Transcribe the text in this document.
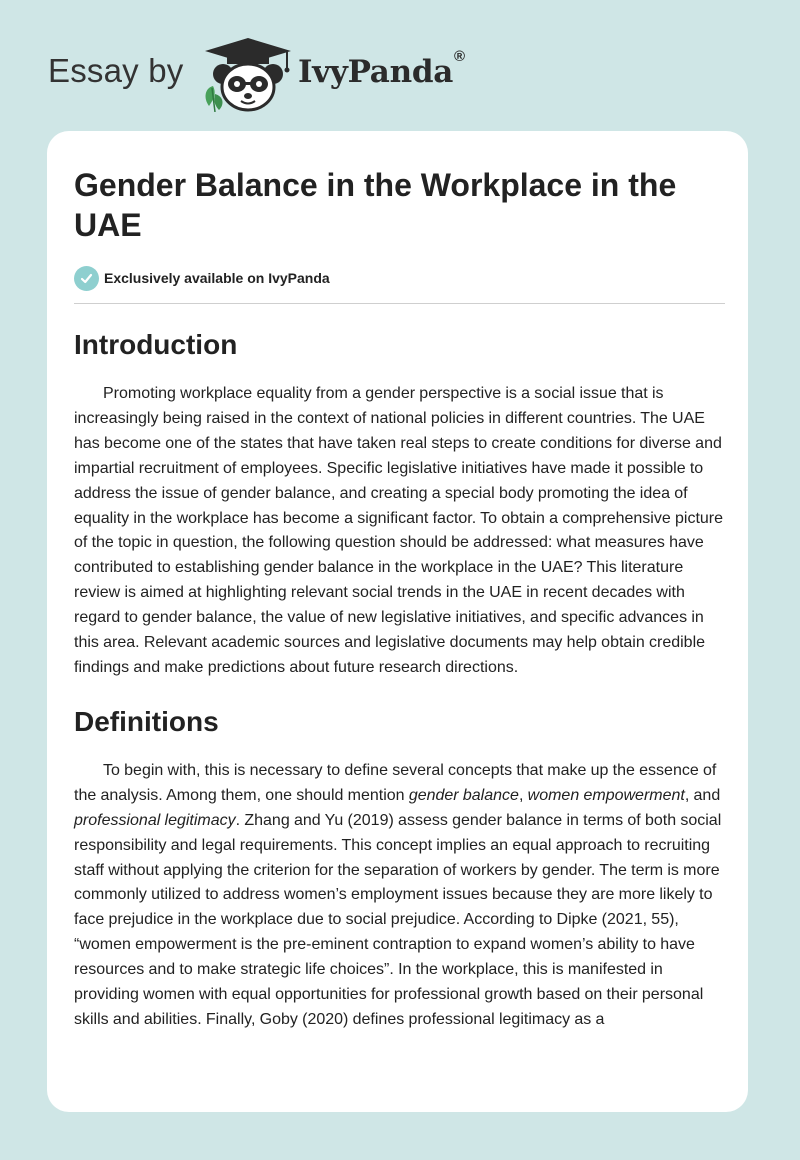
Essay by	IvyPanda®
Gender Balance in the Workplace in the UAE
Exclusively available on IvyPanda
Introduction

Promoting workplace equality from a gender perspective is a social issue that is increasingly being raised in the context of national policies in different countries. The UAE has become one of the states that have taken real steps to create conditions for diverse and impartial recruitment of employees. Specific legislative initiatives have made it possible to address the issue of gender balance, and creating a special body promoting the idea of equality in the workplace has become a significant factor. To obtain a comprehensive picture of the topic in question, the following question should be addressed: what measures have contributed to establishing gender balance in the workplace in the UAE? This literature review is aimed at highlighting relevant social trends in the UAE in recent decades with regard to gender balance, the value of new legislative initiatives, and specific advances in this area. Relevant academic sources and legislative documents may help obtain credible findings and make predictions about future research directions.

Definitions

To begin with, this is necessary to define several concepts that make up the essence of the analysis. Among them, one should mention gender balance, women empowerment, and professional legitimacy. Zhang and Yu (2019) assess gender balance in terms of both social responsibility and legal requirements. This concept implies an equal approach to recruiting staff without applying the criterion for the separation of workers by gender. The term is more commonly utilized to address women’s employment issues because they are more likely to face prejudice in the workplace due to social prejudice. According to Dipke (2021, 55), “women empowerment is the pre-eminent contraption to expand women’s ability to have resources and to make strategic life choices”. In the workplace, this is manifested in providing women with equal opportunities for professional growth based on their personal skills and abilities. Finally, Goby (2020) defines professional legitimacy as a
